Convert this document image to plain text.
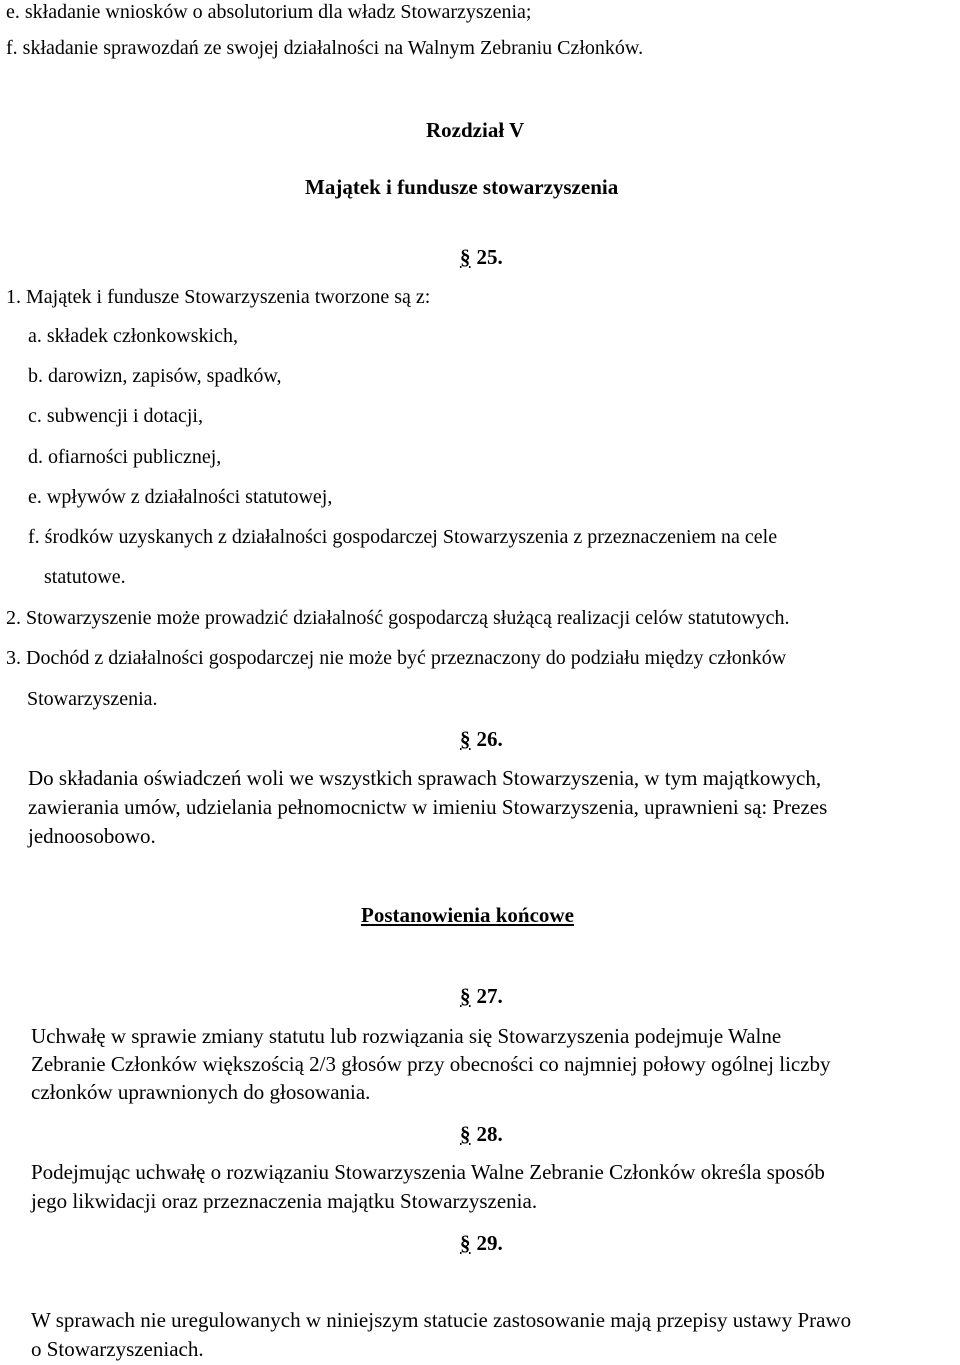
e. składanie wniosków o absolutorium dla władz Stowarzyszenia;
f. składanie sprawozdań ze swojej działalności na Walnym Zebraniu Członków.
Rozdział V
Majątek i fundusze stowarzyszenia
§ 25.
1. Majątek i fundusze Stowarzyszenia tworzone są z:
a. składek członkowskich,
b. darowizn, zapisów, spadków,
c. subwencji i dotacji,
d. ofiarności publicznej,
e. wpływów z działalności statutowej,
f. środków uzyskanych z działalności gospodarczej Stowarzyszenia z przeznaczeniem na cele
statutowe.
2. Stowarzyszenie może prowadzić działalność gospodarczą służącą realizacji celów statutowych.
3. Dochód z działalności gospodarczej nie może być przeznaczony do podziału między członków
Stowarzyszenia.
§ 26.
Do składania oświadczeń woli we wszystkich sprawach Stowarzyszenia, w tym majątkowych,
zawierania umów, udzielania pełnomocnictw w imieniu Stowarzyszenia, uprawnieni są: Prezes
jednoosobowo.
Postanowienia końcowe
§ 27.
Uchwałę w sprawie zmiany statutu lub rozwiązania się Stowarzyszenia podejmuje Walne
Zebranie Członków większością 2/3 głosów przy obecności co najmniej połowy ogólnej liczby
członków uprawnionych do głosowania.
§ 28.
Podejmując uchwałę o rozwiązaniu Stowarzyszenia Walne Zebranie Członków określa sposób
jego likwidacji oraz przeznaczenia majątku Stowarzyszenia.
§ 29.
W sprawach nie uregulowanych w niniejszym statucie zastosowanie mają przepisy ustawy Prawo
o Stowarzyszeniach.
